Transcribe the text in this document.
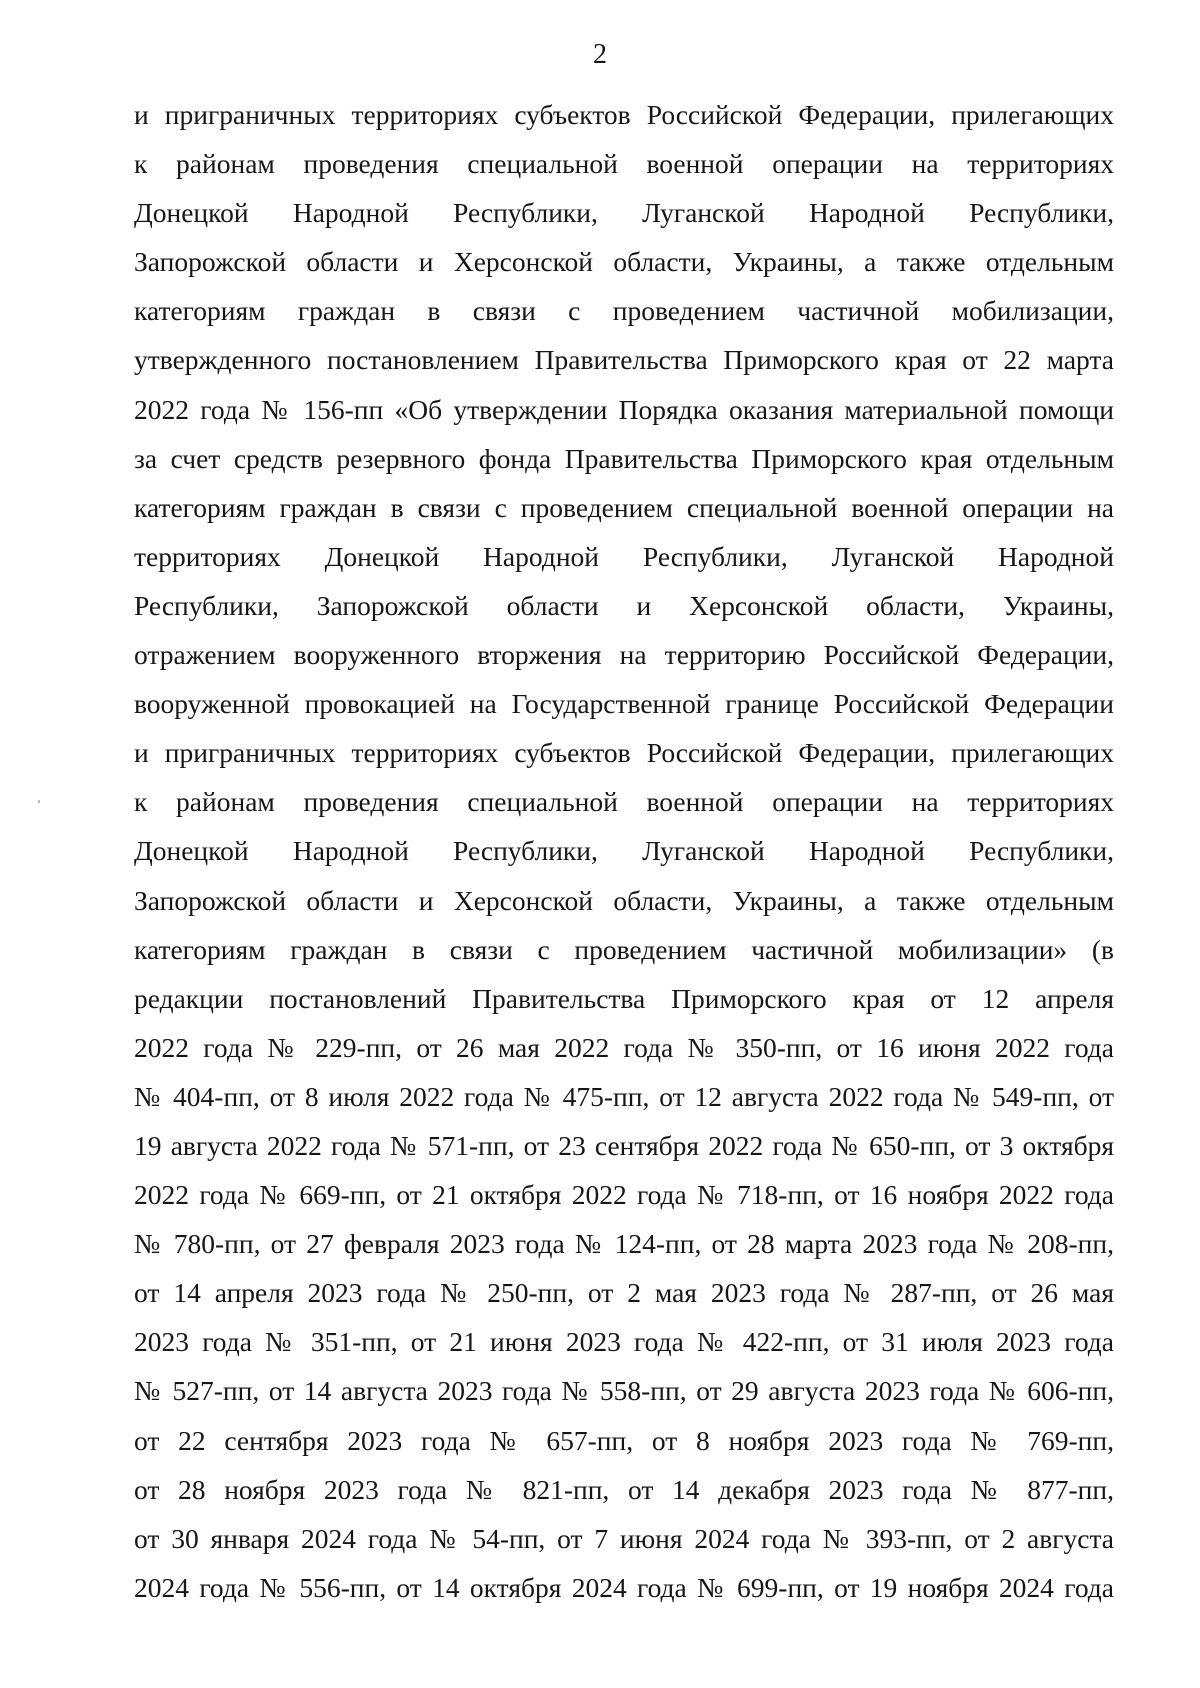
2

и приграничных территориях субъектов Российской Федерации, прилегающих
к районам проведения специальной военной операции на территориях
Донецкой Народной Республики, Луганской Народной Республики,
Запорожской области и Херсонской области, Украины, а также отдельным
категориям граждан в связи с проведением частичной мобилизации,
утвержденного постановлением Правительства Приморского края от 22 марта
2022 года № 156-пп «Об утверждении Порядка оказания материальной помощи
за счет средств резервного фонда Правительства Приморского края отдельным
категориям граждан в связи с проведением специальной военной операции на
территориях Донецкой Народной Республики, Луганской Народной
Республики, Запорожской области и Херсонской области, Украины,
отражением вооруженного вторжения на территорию Российской Федерации,
вооруженной провокацией на Государственной границе Российской Федерации
и приграничных территориях субъектов Российской Федерации, прилегающих
к районам проведения специальной военной операции на территориях
Донецкой Народной Республики, Луганской Народной Республики,
Запорожской области и Херсонской области, Украины, а также отдельным
категориям граждан в связи с проведением частичной мобилизации» (в
редакции постановлений Правительства Приморского края от 12 апреля
2022 года № 229-пп, от 26 мая 2022 года № 350-пп, от 16 июня 2022 года
№ 404-пп, от 8 июля 2022 года № 475-пп, от 12 августа 2022 года № 549-пп, от
19 августа 2022 года № 571-пп, от 23 сентября 2022 года № 650-пп, от 3 октября
2022 года № 669-пп, от 21 октября 2022 года № 718-пп, от 16 ноября 2022 года
№ 780-пп, от 27 февраля 2023 года № 124-пп, от 28 марта 2023 года № 208-пп,
от 14 апреля 2023 года № 250-пп, от 2 мая 2023 года № 287-пп, от 26 мая
2023 года № 351-пп, от 21 июня 2023 года № 422-пп, от 31 июля 2023 года
№ 527-пп, от 14 августа 2023 года № 558-пп, от 29 августа 2023 года № 606-пп,
от 22 сентября 2023 года № 657-пп, от 8 ноября 2023 года № 769-пп,
от 28 ноября 2023 года № 821-пп, от 14 декабря 2023 года № 877-пп,
от 30 января 2024 года № 54-пп, от 7 июня 2024 года № 393-пп, от 2 августа
2024 года № 556-пп, от 14 октября 2024 года № 699-пп, от 19 ноября 2024 года
